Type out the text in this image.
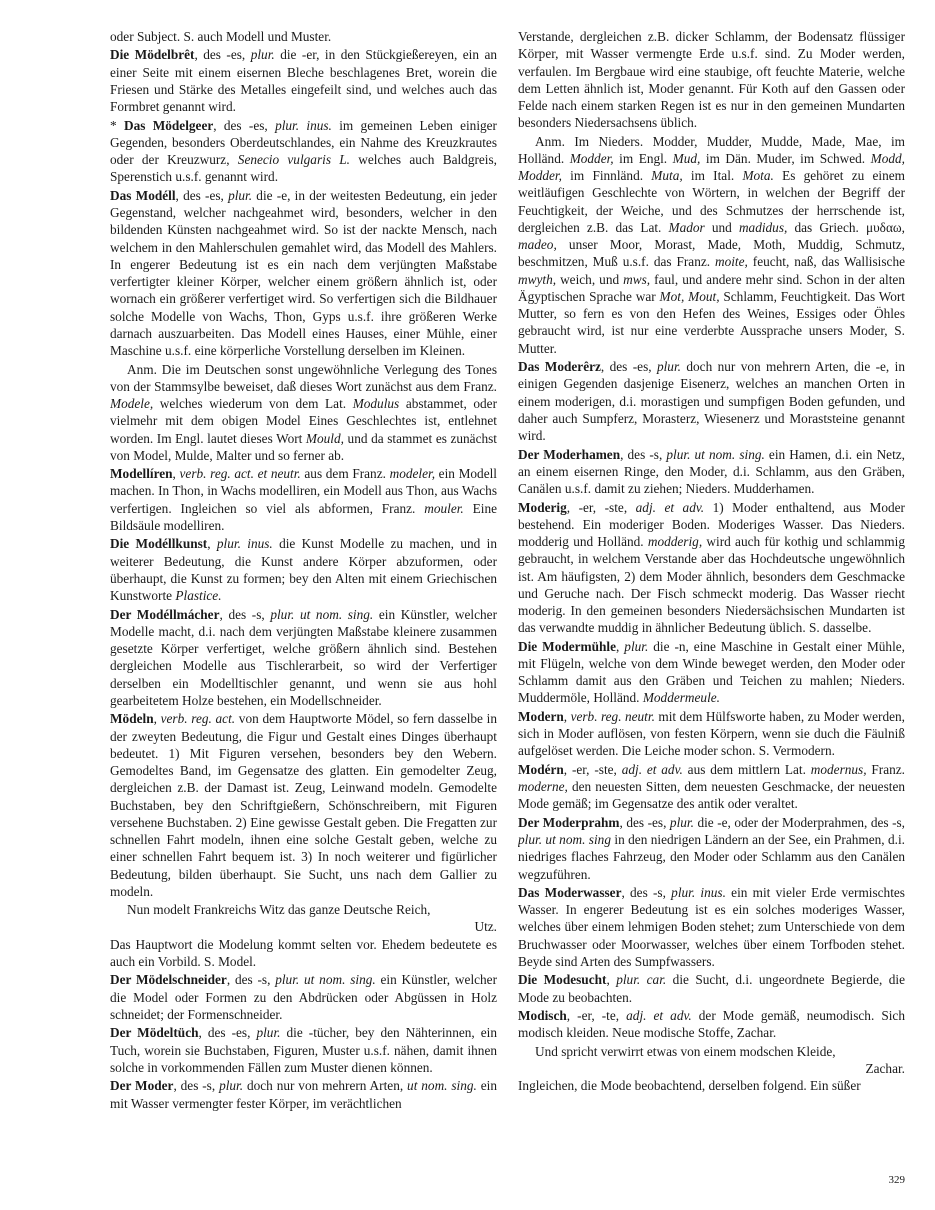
oder Subject. S. auch Modell und Muster.

Die Mödelbrêt, des -es, plur. die -er, in den Stückgießereyen, ein an einer Seite mit einem eisernen Bleche beschlagenes Bret, worein die Friesen und Stärke des Metalles eingefeilt sind, und welches auch das Formbret genannt wird.

* Das Mödelgeer, des -es, plur. inus. im gemeinen Leben einiger Gegenden, besonders Oberdeutschlandes, ein Nahme des Kreuzkrautes oder der Kreuzwurz, Senecio vulgaris L. welches auch Baldgreis, Sperenstich u.s.f. genannt wird.

Das Modéll, des -es, plur. die -e, in der weitesten Bedeutung, ein jeder Gegenstand, welcher nachgeahmet wird, besonders, welcher in den bildenden Künsten nachgeahmet wird. So ist der nackte Mensch, nach welchem in den Mahlerschulen gemahlet wird, das Modell des Mahlers. In engerer Bedeutung ist es ein nach dem verjüngten Maßstabe verfertigter kleiner Körper, welcher einem größern ähnlich ist, oder wornach ein größerer verfertiget wird. So verfertigen sich die Bildhauer solche Modelle von Wachs, Thon, Gyps u.s.f. ihre größeren Werke darnach auszuarbeiten. Das Modell eines Hauses, einer Mühle, einer Maschine u.s.f. eine körperliche Vorstellung derselben im Kleinen.

Anm. Die im Deutschen sonst ungewöhnliche Verlegung des Tones von der Stammsylbe beweiset, daß dieses Wort zunächst aus dem Franz. Modele, welches wiederum von dem Lat. Modulus abstammet, oder vielmehr mit dem obigen Model Eines Geschlechtes ist, entlehnet worden. Im Engl. lautet dieses Wort Mould, und da stammet es zunächst von Model, Mulde, Malter und so ferner ab.

Modellíren, verb. reg. act. et neutr. aus dem Franz. modeler, ein Modell machen. In Thon, in Wachs modelliren, ein Modell aus Thon, aus Wachs verfertigen. Ingleichen so viel als abformen, Franz. mouler. Eine Bildsäule modelliren.

Die Modéllkunst, plur. inus. die Kunst Modelle zu machen, und in weiterer Bedeutung, die Kunst andere Körper abzuformen, oder überhaupt, die Kunst zu formen; bey den Alten mit einem Griechischen Kunstworte Plastice.

Der Modéllmácher, des -s, plur. ut nom. sing. ein Künstler, welcher Modelle macht, d.i. nach dem verjüngten Maßstabe kleinere zusammen gesetzte Körper verfertiget, welche größern ähnlich sind. Bestehen dergleichen Modelle aus Tischlerarbeit, so wird der Verfertiger derselben ein Modelltischler genannt, und wenn sie aus hohl gearbeitetem Holze bestehen, ein Modellschneider.

Mödeln, verb. reg. act. von dem Hauptworte Mödel, so fern dasselbe in der zweyten Bedeutung, die Figur und Gestalt eines Dinges überhaupt bedeutet. 1) Mit Figuren versehen, besonders bey den Webern. Gemodeltes Band, im Gegensatze des glatten. Ein gemodelter Zeug, dergleichen z.B. der Damast ist. Zeug, Leinwand modeln. Gemodelte Buchstaben, bey den Schriftgießern, Schönschreibern, mit Figuren versehene Buchstaben. 2) Eine gewisse Gestalt geben. Die Fregatten zur schnellen Fahrt modeln, ihnen eine solche Gestalt geben, welche zu einer schnellen Fahrt bequem ist. 3) In noch weiterer und figürlicher Bedeutung, bilden überhaupt. Sie Sucht, uns nach dem Gallier zu modeln.

Nun modelt Frankreichs Witz das ganze Deutsche Reich,

Utz.

Das Hauptwort die Modelung kommt selten vor. Ehedem bedeutete es auch ein Vorbild. S. Model.

Der Mödelschneider, des -s, plur. ut nom. sing. ein Künstler, welcher die Model oder Formen zu den Abdrücken oder Abgüssen in Holz schneidet; der Formenschneider.

Der Mödeltüch, des -es, plur. die -tücher, bey den Nähterinnen, ein Tuch, worein sie Buchstaben, Figuren, Muster u.s.f. nähen, damit ihnen solche in vorkommenden Fällen zum Muster dienen können.

Der Moder, des -s, plur. doch nur von mehrern Arten, ut nom. sing. ein mit Wasser vermengter fester Körper, im verächtlichen

Verstande, dergleichen z.B. dicker Schlamm, der Bodensatz flüssiger Körper, mit Wasser vermengte Erde u.s.f. sind. Zu Moder werden, verfaulen. Im Bergbaue wird eine staubige, oft feuchte Materie, welche dem Letten ähnlich ist, Moder genannt. Für Koth auf den Gassen oder Felde nach einem starken Regen ist es nur in den gemeinen Mundarten besonders Niedersachsens üblich.

Anm. Im Nieders. Modder, Mudder, Mudde, Made, Mae, im Holländ. Modder, im Engl. Mud, im Dän. Muder, im Schwed. Modd, Modder, im Finnländ. Muta, im Ital. Mota. Es gehöret zu einem weitläufigen Geschlechte von Wörtern, in welchen der Begriff der Feuchtigkeit, der Weiche, und des Schmutzes der herrschende ist, dergleichen z.B. das Lat. Mador und madidus, das Griech. μυδαω, madeo, unser Moor, Morast, Made, Moth, Muddig, Schmutz, beschmitzen, Muß u.s.f. das Franz. moite, feucht, naß, das Wallisische mwyth, weich, und mws, faul, und andere mehr sind. Schon in der alten Ägyptischen Sprache war Mot, Mout, Schlamm, Feuchtigkeit. Das Wort Mutter, so fern es von den Hefen des Weines, Essiges oder Öhles gebraucht wird, ist nur eine verderbte Aussprache unsers Moder, S. Mutter.

Das Moderêrz, des -es, plur. doch nur von mehrern Arten, die -e, in einigen Gegenden dasjenige Eisenerz, welches an manchen Orten in einem moderigen, d.i. morastigen und sumpfigen Boden gefunden, und daher auch Sumpferz, Morasterz, Wiesenerz und Moraststeine genannt wird.

Der Moderhamen, des -s, plur. ut nom. sing. ein Hamen, d.i. ein Netz, an einem eisernen Ringe, den Moder, d.i. Schlamm, aus den Gräben, Canälen u.s.f. damit zu ziehen; Nieders. Mudderhamen.

Moderig, -er, -ste, adj. et adv. 1) Moder enthaltend, aus Moder bestehend. Ein moderiger Boden. Moderiges Wasser. Das Nieders. modderig und Holländ. modderig, wird auch für kothig und schlammig gebraucht, in welchem Verstande aber das Hochdeutsche ungewöhnlich ist. Am häufigsten, 2) dem Moder ähnlich, besonders dem Geschmacke und Geruche nach. Der Fisch schmeckt moderig. Das Wasser riecht moderig. In den gemeinen besonders Niedersächsischen Mundarten ist das verwandte muddig in ähnlicher Bedeutung üblich. S. dasselbe.

Die Modermühle, plur. die -n, eine Maschine in Gestalt einer Mühle, mit Flügeln, welche von dem Winde beweget werden, den Moder oder Schlamm damit aus den Gräben und Teichen zu mahlen; Nieders. Muddermöle, Holländ. Moddermeule.

Modern, verb. reg. neutr. mit dem Hülfsworte haben, zu Moder werden, sich in Moder auflösen, von festen Körpern, wenn sie duch die Fäulniß aufgelöset werden. Die Leiche moder schon. S. Vermodern.

Modérn, -er, -ste, adj. et adv. aus dem mittlern Lat. modernus, Franz. moderne, den neuesten Sitten, dem neuesten Geschmacke, der neuesten Mode gemäß; im Gegensatze des antik oder veraltet.

Der Moderprahm, des -es, plur. die -e, oder der Moderprahmen, des -s, plur. ut nom. sing in den niedrigen Ländern an der See, ein Prahmen, d.i. niedriges flaches Fahrzeug, den Moder oder Schlamm aus den Canälen wegzuführen.

Das Moderwasser, des -s, plur. inus. ein mit vieler Erde vermischtes Wasser. In engerer Bedeutung ist es ein solches moderiges Wasser, welches über einem lehmigen Boden stehet; zum Unterschiede von dem Bruchwasser oder Moorwasser, welches über einem Torfboden stehet. Beyde sind Arten des Sumpfwassers.

Die Modesucht, plur. car. die Sucht, d.i. ungeordnete Begierde, die Mode zu beobachten.

Modisch, -er, -te, adj. et adv. der Mode gemäß, neumodisch. Sich modisch kleiden. Neue modische Stoffe, Zachar.

Und spricht verwirrt etwas von einem modschen Kleide,

Zachar.

Ingleichen, die Mode beobachtend, derselben folgend. Ein süßer

329
